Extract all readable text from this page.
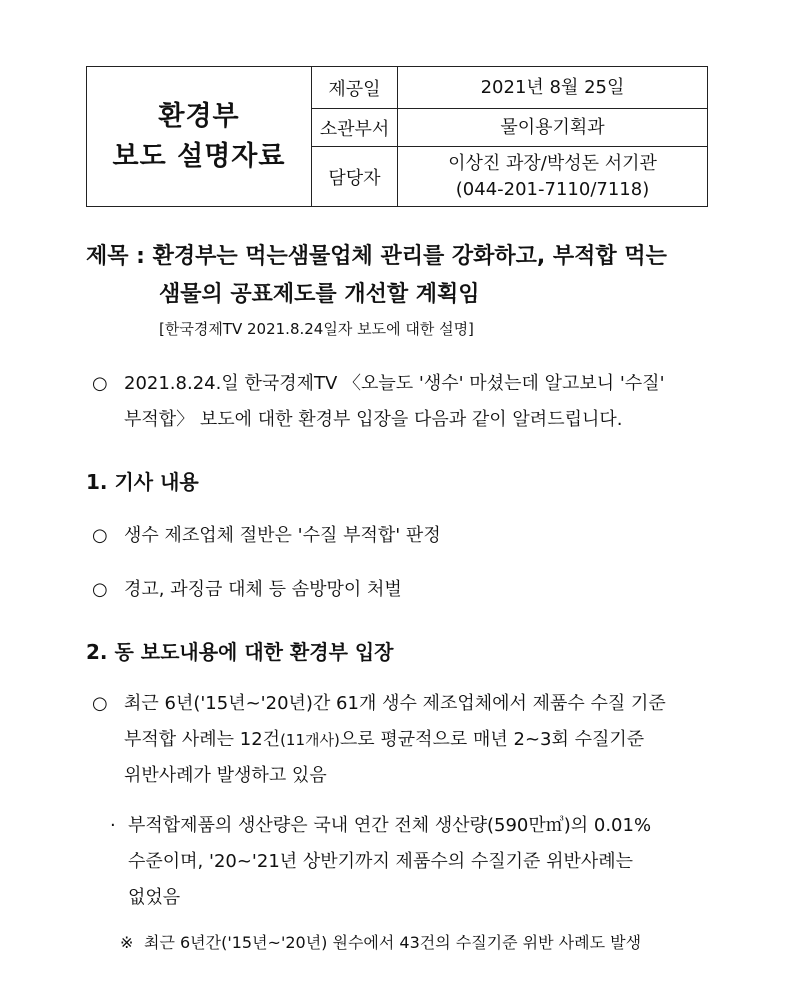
환경부
보도 설명자료	제공일	2021년 8월 25일
	소관부서	물이용기획과
	담당자	이상진 과장/박성돈 서기관
(044-201-7110/7118)
제목 : 환경부는 먹는샘물업체 관리를 강화하고, 부적합 먹는
샘물의 공표제도를 개선할 계획임
[한국경제TV 2021.8.24일자 보도에 대한 설명]
○ 2021.8.24.일 한국경제TV 〈오늘도 '생수' 마셨는데 알고보니 '수질'
부적합〉 보도에 대한 환경부 입장을 다음과 같이 알려드립니다.
1. 기사 내용
○ 생수 제조업체 절반은 '수질 부적합' 판정
○ 경고, 과징금 대체 등 솜방망이 처벌
2. 동 보도내용에 대한 환경부 입장
○ 최근 6년('15년~'20년)간 61개 생수 제조업체에서 제품수 수질 기준
부적합 사례는 12건(11개사)으로 평균적으로 매년 2~3회 수질기준
위반사례가 발생하고 있음
· 부적합제품의 생산량은 국내 연간 전체 생산량(590만㎥)의 0.01%
수준이며, '20~'21년 상반기까지 제품수의 수질기준 위반사례는
없었음
※ 최근 6년간('15년~'20년) 원수에서 43건의 수질기준 위반 사례도 발생
